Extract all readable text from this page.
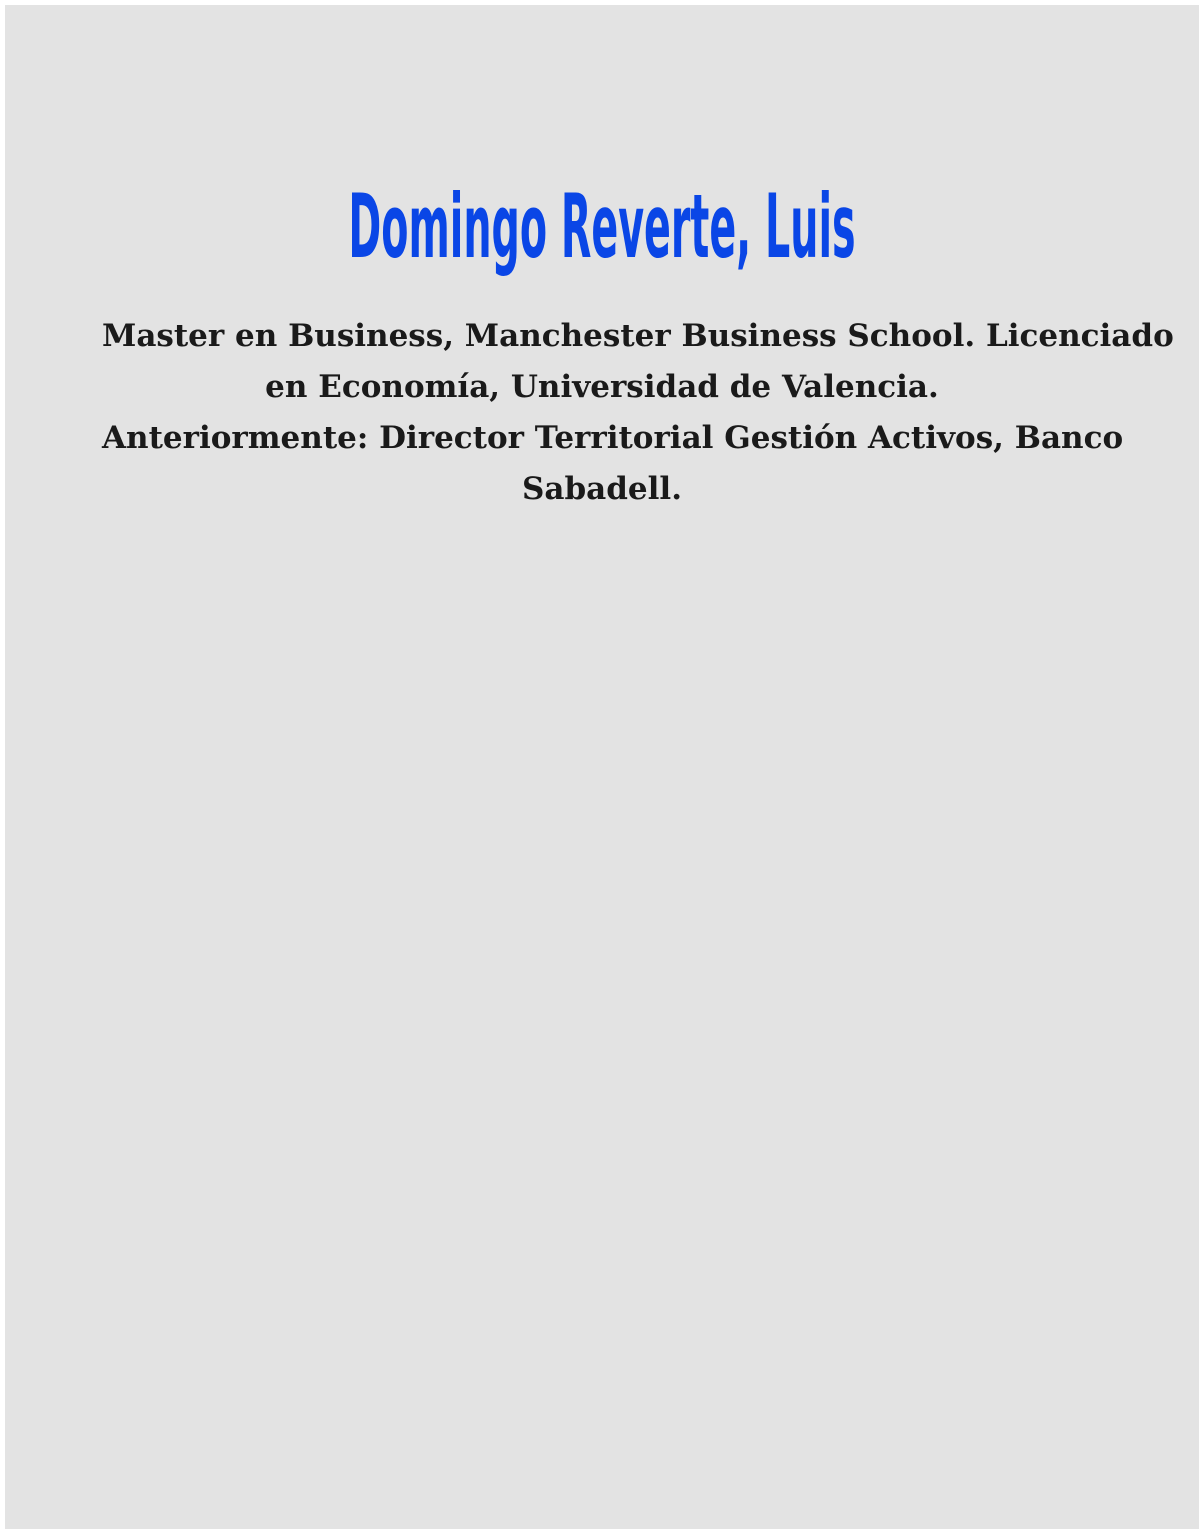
Domingo Reverte, Luis
Master en Business, Manchester Business School. Licenciado
en Economía, Universidad de Valencia.
Anteriormente: Director Territorial Gestión Activos, Banco
Sabadell.
